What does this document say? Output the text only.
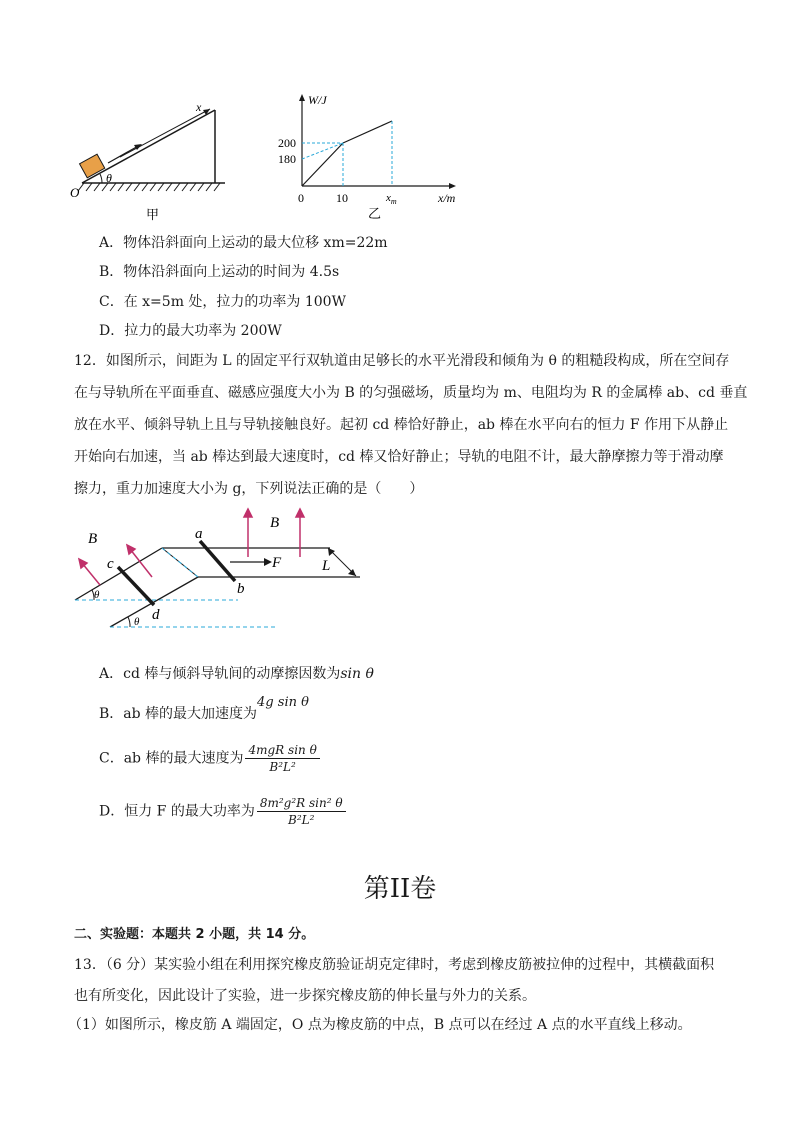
θ
O
x
甲
W/J
200
180
0	10	$x_m$	x/m
乙
A．物体沿斜面向上运动的最大位移 xm=22m
B．物体沿斜面向上运动的时间为 4.5s
C．在 x=5m 处，拉力的功率为 100W
D．拉力的最大功率为 200W
12．如图所示，间距为 L 的固定平行双轨道由足够长的水平光滑段和倾角为 θ 的粗糙段构成，所在空间存
在与导轨所在平面垂直、磁感应强度大小为 B 的匀强磁场，质量均为 m、电阻均为 R 的金属棒 ab、cd 垂直
放在水平、倾斜导轨上且与导轨接触良好。起初 cd 棒恰好静止，ab 棒在水平向右的恒力 F 作用下从静止
开始向右加速，当 ab 棒达到最大速度时，cd 棒又恰好静止；导轨的电阻不计，最大静摩擦力等于滑动摩
擦力，重力加速度大小为 g，下列说法正确的是（　　）
B
B
a
b
c
d
F	L
θ
θ
A．cd 棒与倾斜导轨间的动摩擦因数为sin θ
B．ab 棒的最大加速度为4g sin θ
C．ab 棒的最大速度为 $\frac{\text{4mgR sin θ}}{\text{B²L²}}$
D．恒力 F 的最大功率为 $\frac{\text{8m²g²R sin² θ}}{\text{B²L²}}$
第II卷
二、实验题：本题共 2 小题，共 14 分。
13．（6 分）某实验小组在利用探究橡皮筋验证胡克定律时，考虑到橡皮筋被拉伸的过程中，其横截面积
也有所变化，因此设计了实验，进一步探究橡皮筋的伸长量与外力的关系。
（1）如图所示，橡皮筋 A 端固定，O 点为橡皮筋的中点，B 点可以在经过 A 点的水平直线上移动。
